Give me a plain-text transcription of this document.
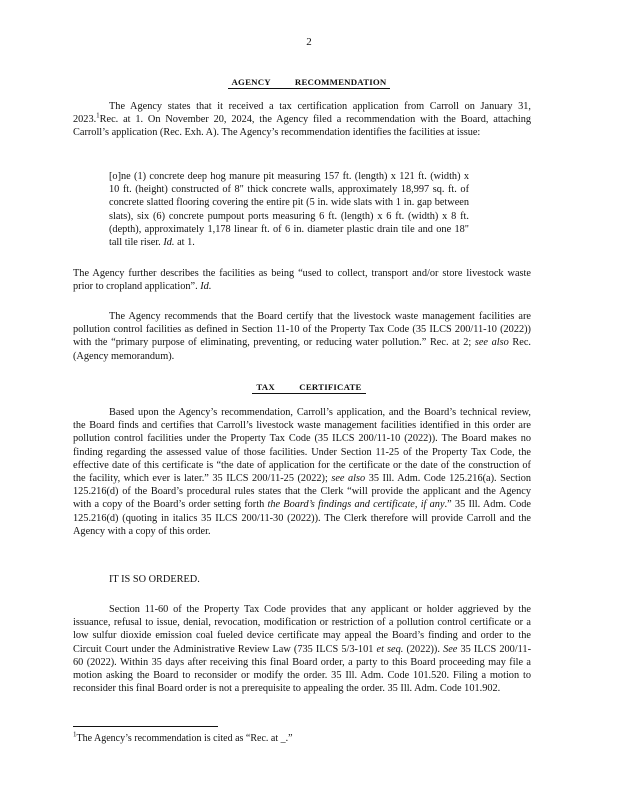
2
AGENCY RECOMMENDATION
The Agency states that it received a tax certification application from Carroll on January 31, 2023.$^1$Rec. at 1. On November 20, 2024, the Agency filed a recommendation with the Board, attaching Carroll’s application (Rec. Exh. A). The Agency’s recommendation identifies the facilities at issue:
[o]ne (1) concrete deep hog manure pit measuring 157 ft. (length) x 121 ft. (width) x 10 ft. (height) constructed of 8" thick concrete walls, approximately 18,997 sq. ft. of concrete slatted flooring covering the entire pit (5 in. wide slats with 1 in. gap between slats), six (6) concrete pumpout ports measuring 6 ft. (length) x 6 ft. (width) x 8 ft. (depth), approximately 1,178 linear ft. of 6 in. diameter plastic drain tile and one 18" tall tile riser. Id. at 1.
The Agency further describes the facilities as being “used to collect, transport and/or store livestock waste prior to cropland application”. Id.
The Agency recommends that the Board certify that the livestock waste management facilities are pollution control facilities as defined in Section 11-10 of the Property Tax Code (35 ILCS 200/11-10 (2022)) with the “primary purpose of eliminating, preventing, or reducing water pollution.” Rec. at 2; see also Rec. (Agency memorandum).
TAX CERTIFICATE
Based upon the Agency’s recommendation, Carroll’s application, and the Board’s technical review, the Board finds and certifies that Carroll’s livestock waste management facilities identified in this order are pollution control facilities under the Property Tax Code (35 ILCS 200/11-10 (2022)). The Board makes no finding regarding the assessed value of those facilities. Under Section 11-25 of the Property Tax Code, the effective date of this certificate is “the date of application for the certificate or the date of the construction of the facility, which ever is later.” 35 ILCS 200/11-25 (2022); see also 35 Ill. Adm. Code 125.216(a). Section 125.216(d) of the Board’s procedural rules states that the Clerk “will provide the applicant and the Agency with a copy of the Board’s order setting forth the Board’s findings and certificate, if any.” 35 Ill. Adm. Code 125.216(d) (quoting in italics 35 ILCS 200/11-30 (2022)). The Clerk therefore will provide Carroll and the Agency with a copy of this order.
IT IS SO ORDERED.
Section 11-60 of the Property Tax Code provides that any applicant or holder aggrieved by the issuance, refusal to issue, denial, revocation, modification or restriction of a pollution control certificate or a low sulfur dioxide emission coal fueled device certificate may appeal the Board’s finding and order to the Circuit Court under the Administrative Review Law (735 ILCS 5/3-101 et seq. (2022)). See 35 ILCS 200/11-60 (2022). Within 35 days after receiving this final Board order, a party to this Board proceeding may file a motion asking the Board to reconsider or modify the order. 35 Ill. Adm. Code 101.520. Filing a motion to reconsider this final Board order is not a prerequisite to appealing the order. 35 Ill. Adm. Code 101.902.
$^1$The Agency’s recommendation is cited as “Rec. at _.”
